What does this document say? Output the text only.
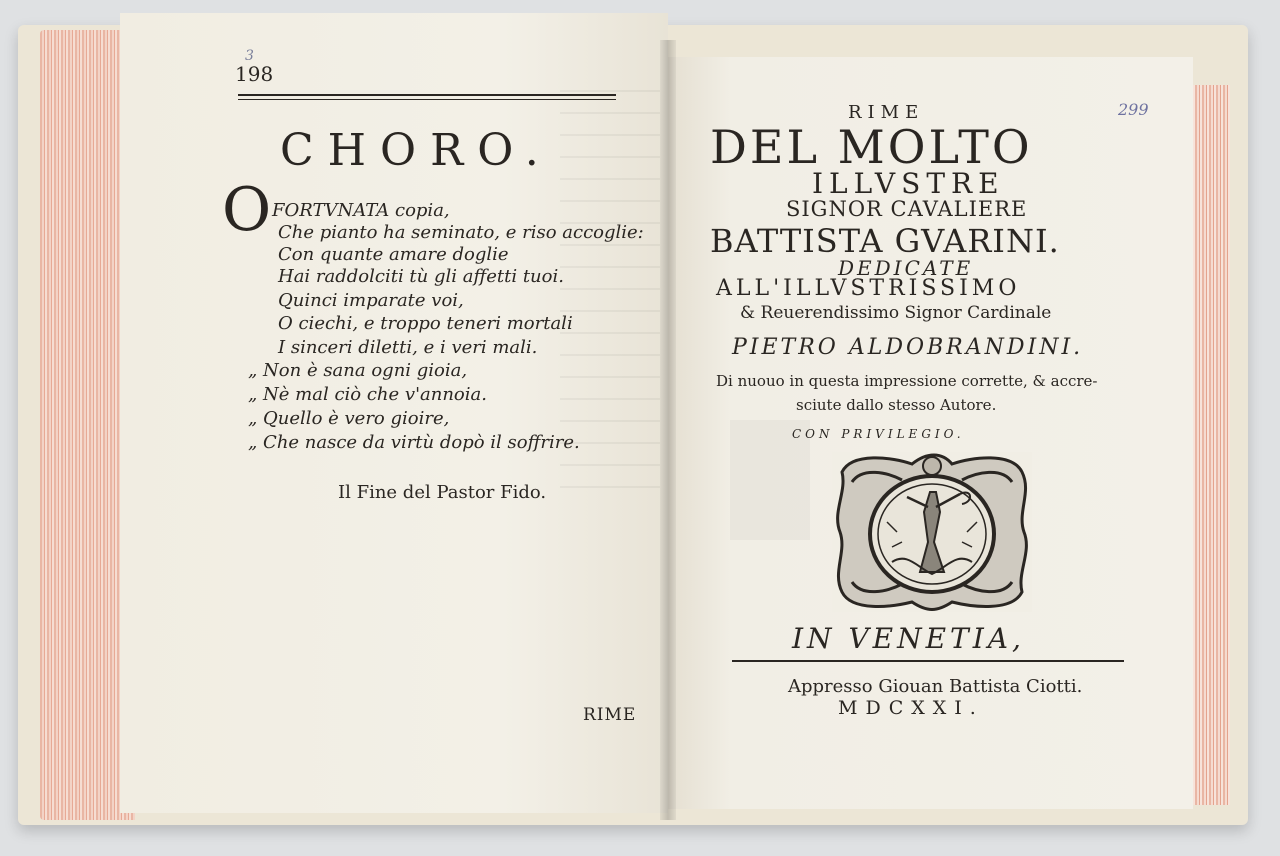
3
198
CHORO.
O FORTVNATA copia,
Che pianto ha seminato, e riso accoglie:
Con quante amare doglie
Hai raddolciti tù gli affetti tuoi.
Quinci imparate voi,
O ciechi, e troppo teneri mortali
I sinceri diletti, e i veri mali.
„ Non è sana ogni gioia,
„ Nè mal ciò che v'annoia.
„ Quello è vero gioire,
„ Che nasce da virtù dopò il soffrire.
Il Fine del Pastor Fido.
RIME
299
RIME
DEL MOLTO
ILLVSTRE
SIGNOR CAVALIERE
BATTISTA GVARINI.
DEDICATE
ALL'ILLVSTRISSIMO
& Reuerendissimo Signor Cardinale
PIETRO ALDOBRANDINI.
Di nuouo in questa impressione corrette, & accre-
sciute dallo stesso Autore.
CON PRIVILEGIO.
IN VENETIA,
Appresso Giouan Battista Ciotti.
MDCXXI.
